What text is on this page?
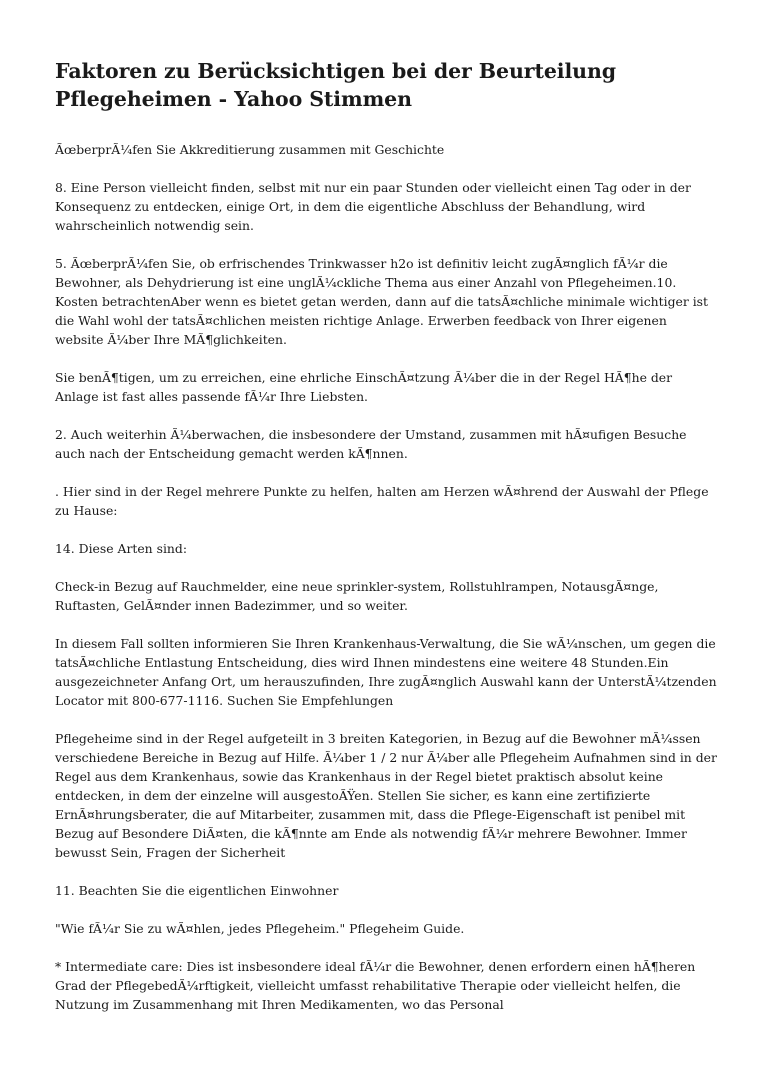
Faktoren zu Berücksichtigen bei der Beurteilung Pflegeheimen - Yahoo Stimmen

ÃœberprÃ¼fen Sie Akkreditierung zusammen mit Geschichte

8. Eine Person vielleicht finden, selbst mit nur ein paar Stunden oder vielleicht einen Tag oder in der Konsequenz zu entdecken, einige Ort, in dem die eigentliche Abschluss der Behandlung, wird wahrscheinlich notwendig sein.

5. ÃœberprÃ¼fen Sie, ob erfrischendes Trinkwasser h2o ist definitiv leicht zugÃ¤nglich fÃ¼r die Bewohner, als Dehydrierung ist eine unglÃ¼ckliche Thema aus einer Anzahl von Pflegeheimen.10. Kosten betrachtenAber wenn es bietet getan werden, dann auf die tatsÃ¤chliche minimale wichtiger ist die Wahl wohl der tatsÃ¤chlichen meisten richtige Anlage. Erwerben feedback von Ihrer eigenen website Ã¼ber Ihre MÃ¶glichkeiten.

Sie benÃ¶tigen, um zu erreichen, eine ehrliche EinschÃ¤tzung Ã¼ber die in der Regel HÃ¶he der Anlage ist fast alles passende fÃ¼r Ihre Liebsten.

2. Auch weiterhin Ã¼berwachen, die insbesondere der Umstand, zusammen mit hÃ¤ufigen Besuche auch nach der Entscheidung gemacht werden kÃ¶nnen.

. Hier sind in der Regel mehrere Punkte zu helfen, halten am Herzen wÃ¤hrend der Auswahl der Pflege zu Hause:

14. Diese Arten sind:

Check-in Bezug auf Rauchmelder, eine neue sprinkler-system, Rollstuhlrampen, NotausgÃ¤nge, Ruftasten, GelÃ¤nder innen Badezimmer, und so weiter.

In diesem Fall sollten informieren Sie Ihren Krankenhaus-Verwaltung, die Sie wÃ¼nschen, um gegen die tatsÃ¤chliche Entlastung Entscheidung, dies wird Ihnen mindestens eine weitere 48 Stunden.Ein ausgezeichneter Anfang Ort, um herauszufinden, Ihre zugÃ¤nglich Auswahl kann der UnterstÃ¼tzenden Locator mit 800-677-1116. Suchen Sie Empfehlungen

Pflegeheime sind in der Regel aufgeteilt in 3 breiten Kategorien, in Bezug auf die Bewohner mÃ¼ssen verschiedene Bereiche in Bezug auf Hilfe. Ã¼ber 1 / 2 nur Ã¼ber alle Pflegeheim Aufnahmen sind in der Regel aus dem Krankenhaus, sowie das Krankenhaus in der Regel bietet praktisch absolut keine entdecken, in dem der einzelne will ausgestoÃŸen. Stellen Sie sicher, es kann eine zertifizierte ErnÃ¤hrungsberater, die auf Mitarbeiter, zusammen mit, dass die Pflege-Eigenschaft ist penibel mit Bezug auf Besondere DiÃ¤ten, die kÃ¶nnte am Ende als notwendig fÃ¼r mehrere Bewohner. Immer bewusst Sein, Fragen der Sicherheit

11. Beachten Sie die eigentlichen Einwohner

"Wie fÃ¼r Sie zu wÃ¤hlen, jedes Pflegeheim." Pflegeheim Guide.

* Intermediate care: Dies ist insbesondere ideal fÃ¼r die Bewohner, denen erfordern einen hÃ¶heren Grad der PflegebedÃ¼rftigkeit, vielleicht umfasst rehabilitative Therapie oder vielleicht helfen, die Nutzung im Zusammenhang mit Ihren Medikamenten, wo das Personal
